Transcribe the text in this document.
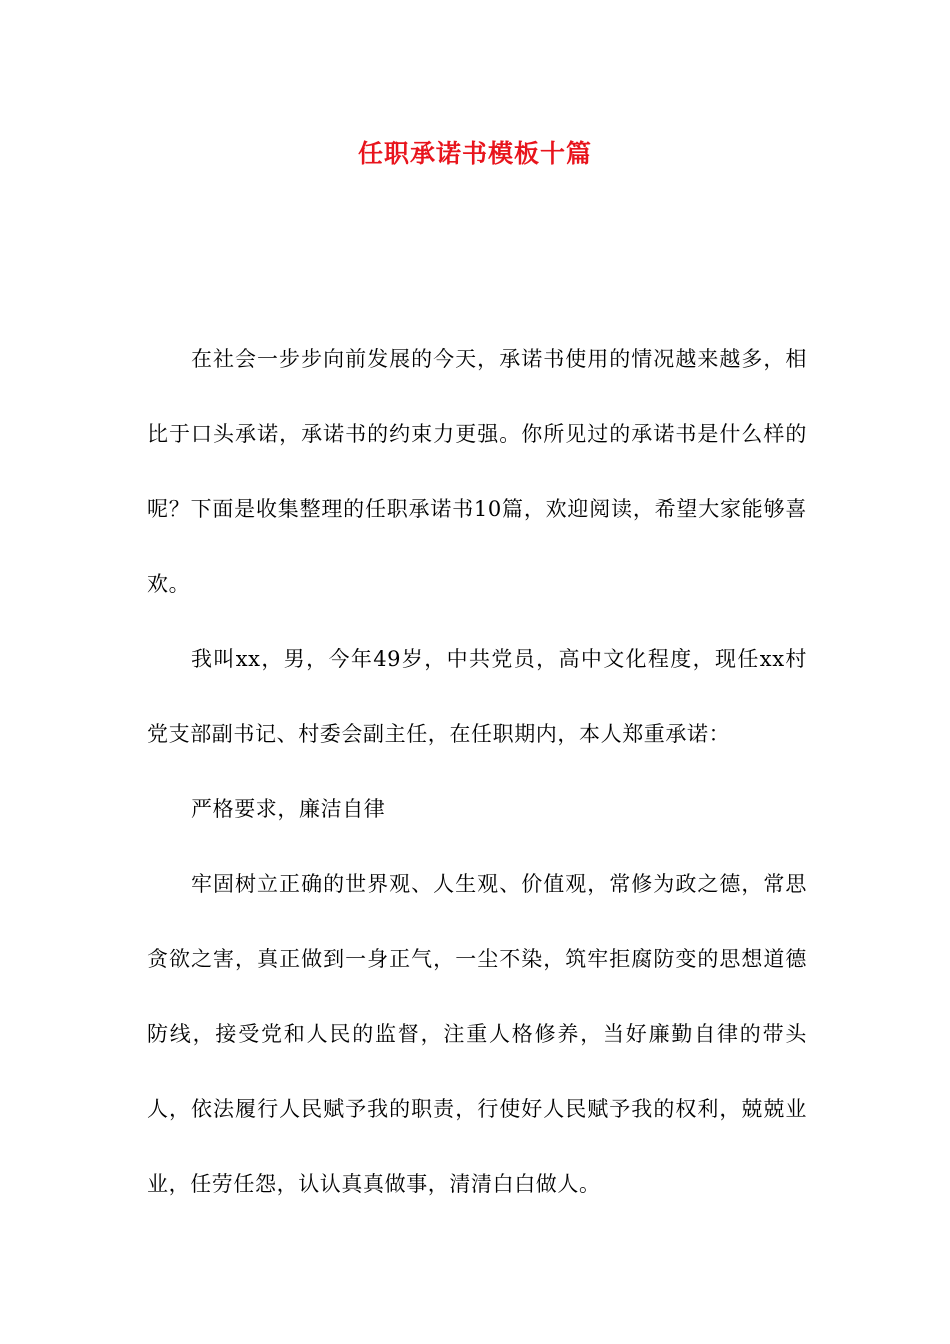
任职承诺书模板十篇

在社会一步步向前发展的今天，承诺书使用的情况越来越多，相比于口头承诺，承诺书的约束力更强。你所见过的承诺书是什么样的呢？下面是收集整理的任职承诺书10篇，欢迎阅读，希望大家能够喜欢。

我叫xx，男，今年49岁，中共党员，高中文化程度，现任xx村党支部副书记、村委会副主任，在任职期内，本人郑重承诺：

严格要求，廉洁自律

牢固树立正确的世界观、人生观、价值观，常修为政之德，常思贪欲之害，真正做到一身正气，一尘不染，筑牢拒腐防变的思想道德防线，接受党和人民的监督，注重人格修养，当好廉勤自律的带头人，依法履行人民赋予我的职责，行使好人民赋予我的权利，兢兢业业，任劳任怨，认认真真做事，清清白白做人。
